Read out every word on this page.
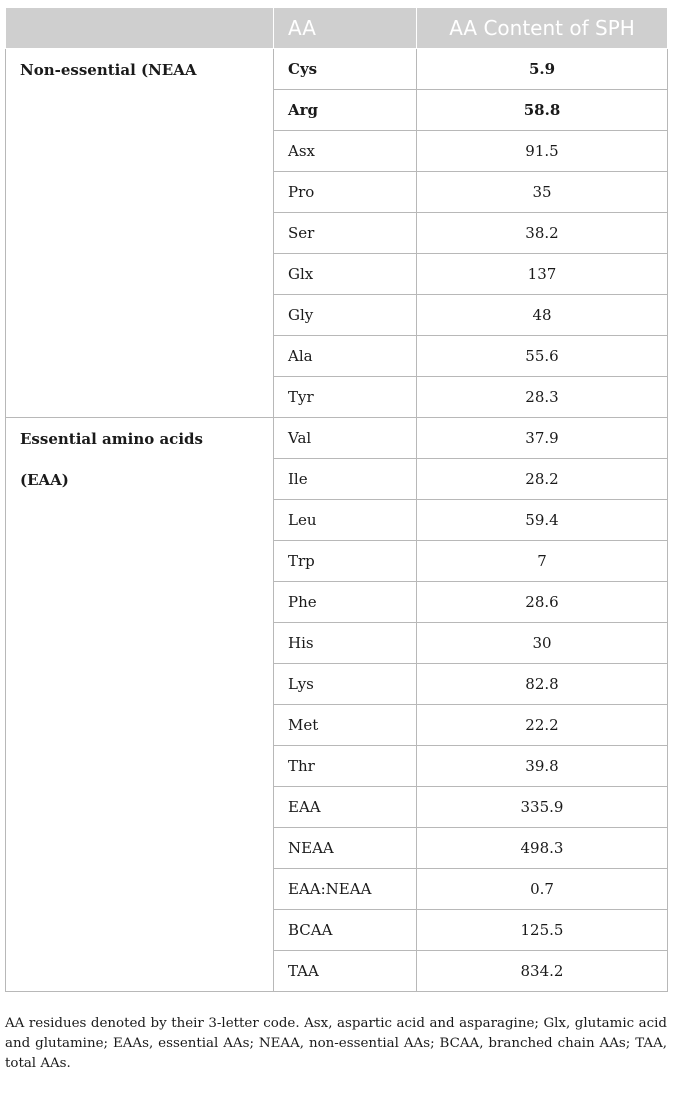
	AA	AA Content of SPH

Non-essential (NEAA	Cys	5.9
	Arg	58.8
	Asx	91.5
	Pro	35
	Ser	38.2
	Glx	137
	Gly	48
	Ala	55.6
	Tyr	28.3

Essential amino acids
(EAA)	Val	37.9
	Ile	28.2
	Leu	59.4
	Trp	7
	Phe	28.6
	His	30
	Lys	82.8
	Met	22.2
	Thr	39.8
	EAA	335.9
	NEAA	498.3
	EAA:NEAA	0.7
	BCAA	125.5
	TAA	834.2
AA residues denoted by their 3-letter code. Asx, aspartic acid and asparagine; Glx, glutamic acid and glutamine; EAAs, essential AAs; NEAA, non-essential AAs; BCAA, branched chain AAs; TAA, total AAs.
